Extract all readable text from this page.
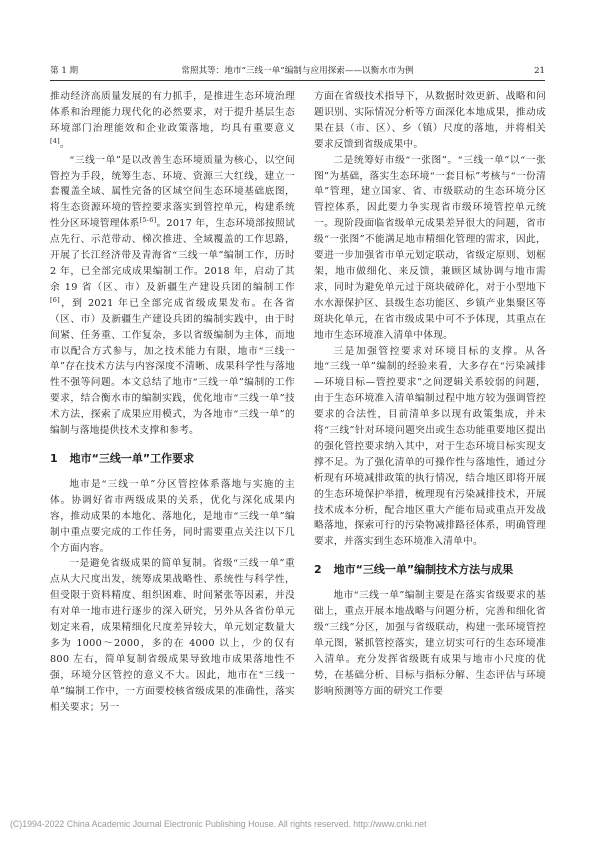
第 1 期	常照其等：地市“三线一单”编制与应用探索——以衡水市为例	21

推动经济高质量发展的有力抓手，是推进生态环境治理体系和治理能力现代化的必然要求，对于提升基层生态环境部门治理能效和企业政策落地，均具有重要意义[4]。

“三线一单”是以改善生态环境质量为核心，以空间管控为手段，统筹生态、环境、资源三大红线，建立一套覆盖全域、属性完备的区域空间生态环境基础底图，将生态资源环境的管控要求落实到管控单元，构建系统性分区环境管理体系[5-6]。2017 年，生态环境部按照试点先行、示范带动、梯次推进、全域覆盖的工作思路，开展了长江经济带及青海省“三线一单”编制工作，历时 2 年，已全部完成成果编制工作。2018 年，启动了其余 19 省（区、市）及新疆生产建设兵团的编制工作[6]，到 2021 年已全部完成省级成果发布。在各省（区、市）及新疆生产建设兵团的编制实践中，由于时间紧、任务重、工作复杂，多以省级编制为主体，而地市以配合方式参与，加之技术能力有限，地市“三线一单”存在技术方法与内容深度不清晰、成果科学性与落地性不强等问题。本文总结了地市“三线一单”编制的工作要求，结合衡水市的编制实践，优化地市“三线一单”技术方法，探索了成果应用模式，为各地市“三线一单”的编制与落地提供技术支撑和参考。

1 地市“三线一单”工作要求

地市是“三线一单”分区管控体系落地与实施的主体。协调好省市两级成果的关系，优化与深化成果内容，推动成果的本地化、落地化，是地市“三线一单”编制中重点要完成的工作任务，同时需要重点关注以下几个方面内容。

一是避免省级成果的简单复制。省级“三线一单”重点从大尺度出发，统筹成果战略性、系统性与科学性，但受限于资料精度、组织困难、时间紧张等因素，并没有对单一地市进行逐步的深入研究，另外从各省份单元划定来看，成果精细化尺度差异较大，单元划定数量大多为 1000～2000，多的在 4000 以上，少的仅有 800 左右，简单复制省级成果导致地市成果落地性不强，环境分区管控的意义不大。因此，地市在“三线一单”编制工作中，一方面要校核省级成果的准确性，落实相关要求；另一

方面在省级技术指导下，从数据时效更新、战略和问题识别、实际情况分析等方面深化本地成果，推动成果在县（市、区）、乡（镇）尺度的落地，并将相关要求反馈到省级成果中。

二是统筹好市级“一张图”。“三线一单”以“一张图”为基础，落实生态环境“一套目标”考核与“一份清单”管理，建立国家、省、市级联动的生态环境分区管控体系，因此要力争实现省市级环境管控单元统一。现阶段面临省级单元成果差异很大的问题，省市级“一张图”不能满足地市精细化管理的需求，因此，要进一步加强省市单元划定联动，省级定原则、划框架，地市做细化、来反馈，兼顾区域协调与地市需求，同时为避免单元过于斑块破碎化，对于小型地下水水源保护区、县级生态功能区、乡镇产业集聚区等斑块化单元，在省市级成果中可不予体现，其重点在地市生态环境准入清单中体现。

三是加强管控要求对环境目标的支撑。从各地“三线一单”编制的经验来看，大多存在“污染减排—环境目标—管控要求”之间逻辑关系较弱的问题，由于生态环境准入清单编制过程中地方较为强调管控要求的合法性，目前清单多以现有政策集成，并未将“三线”针对环境问题突出或生态功能重要地区提出的强化管控要求纳入其中，对于生态环境目标实现支撑不足。为了强化清单的可操作性与落地性，通过分析现有环境减排政策的执行情况，结合地区即将开展的生态环境保护举措，梳理现有污染减排技术，开展技术成本分析，配合地区重大产能布局或重点开发战略落地，探索可行的污染物减排路径体系，明确管理要求，并落实到生态环境准入清单中。

2 地市“三线一单”编制技术方法与成果

地市“三线一单”编制主要是在落实省级要求的基础上，重点开展本地战略与问题分析，完善和细化省级“三线”分区，加强与省级联动，构建一张环境管控单元图，紧抓管控落实，建立切实可行的生态环境准入清单。充分发挥省级既有成果与地市小尺度的优势，在基础分析、目标与指标分解、生态评估与环境影响预测等方面的研究工作要

(C)1994-2022 China Academic Journal Electronic Publishing House. All rights reserved. http://www.cnki.net
